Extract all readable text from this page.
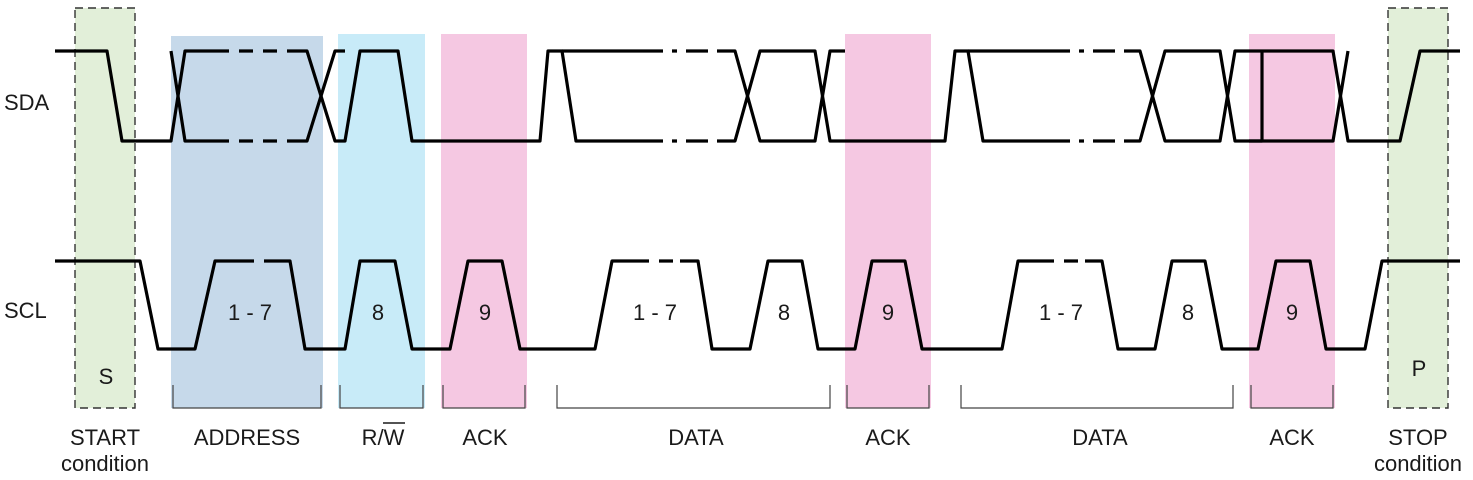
SDA
SCL	1 - 7	8	9	1 - 7	8	9	1 - 7	8	9
S	P
START
condition
ADDRESS	R/W	ACK	DATA	ACK	DATA	ACK	STOP
condition
